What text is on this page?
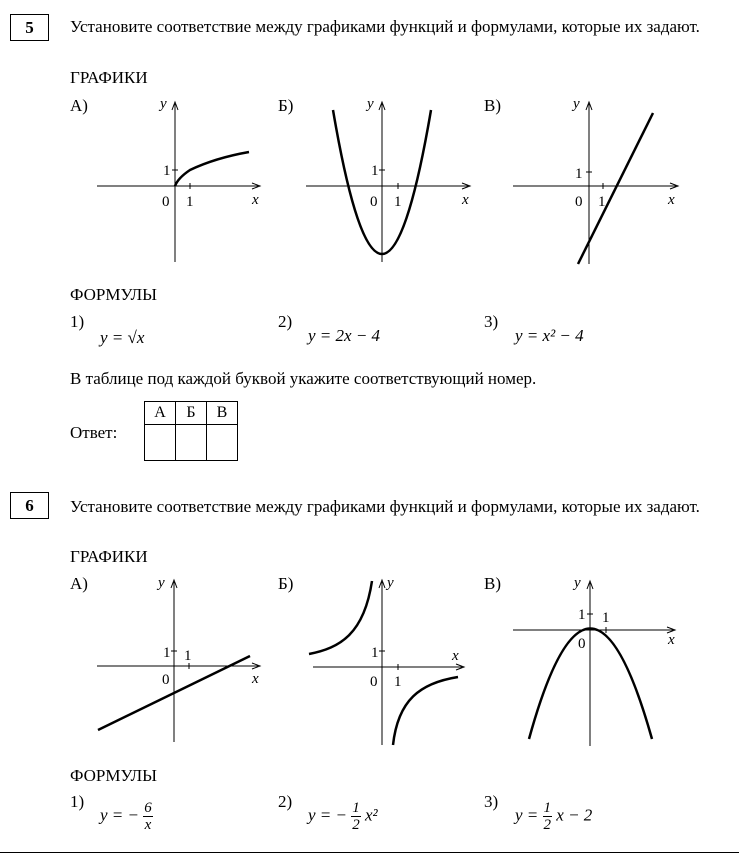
5	Установите соответствие между графиками функций и формулами, которые их задают.
ГРАФИКИ
А)	Б)	В)
y
x
1
0 1
y
x
1
0 1
y
x
1
0 1
ФОРМУЛЫ
1)	2)	3)
y = √x	y = 2x − 4	y = x² − 4
В таблице под каждой буквой укажите соответствующий номер.
Ответ:
А	Б	В

6	Установите соответствие между графиками функций и формулами, которые их задают.
ГРАФИКИ
А)	Б)	В)
y
x
1 1
0
y
x
1
0 1
y
x
1 1
0
ФОРМУЛЫ
1)	2)	3)
y = − $\frac{6}{x}$	y = − $\frac{1}{2} x^2$	$y = \frac{1}{2}$ x − 2
